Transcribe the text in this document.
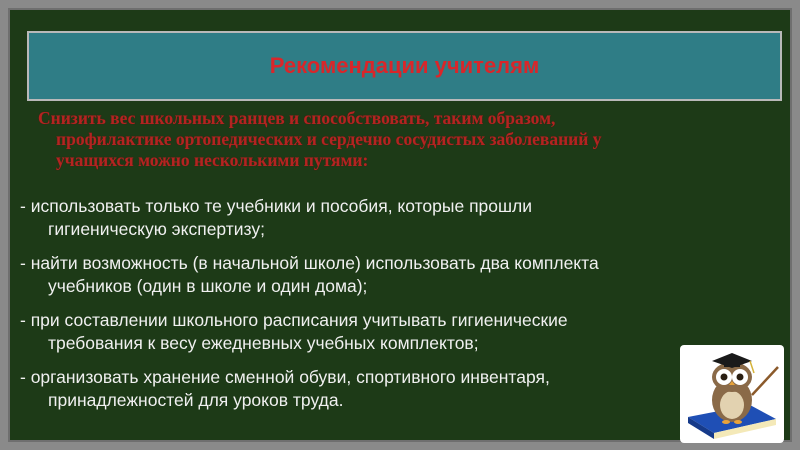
Рекомендации учителям
Снизить вес школьных ранцев и способствовать, таким образом,
профилактике ортопедических и сердечно сосудистых заболеваний у
учащихся можно несколькими путями:
- использовать только те учебники и пособия, которые прошли
гигиеническую экспертизу;
- найти возможность (в начальной школе) использовать два комплекта
учебников (один в школе и один дома);
- при составлении школьного расписания учитывать гигиенические
требования к весу ежедневных учебных комплектов;
- организовать хранение сменной обуви, спортивного инвентаря,
принадлежностей для уроков труда.
